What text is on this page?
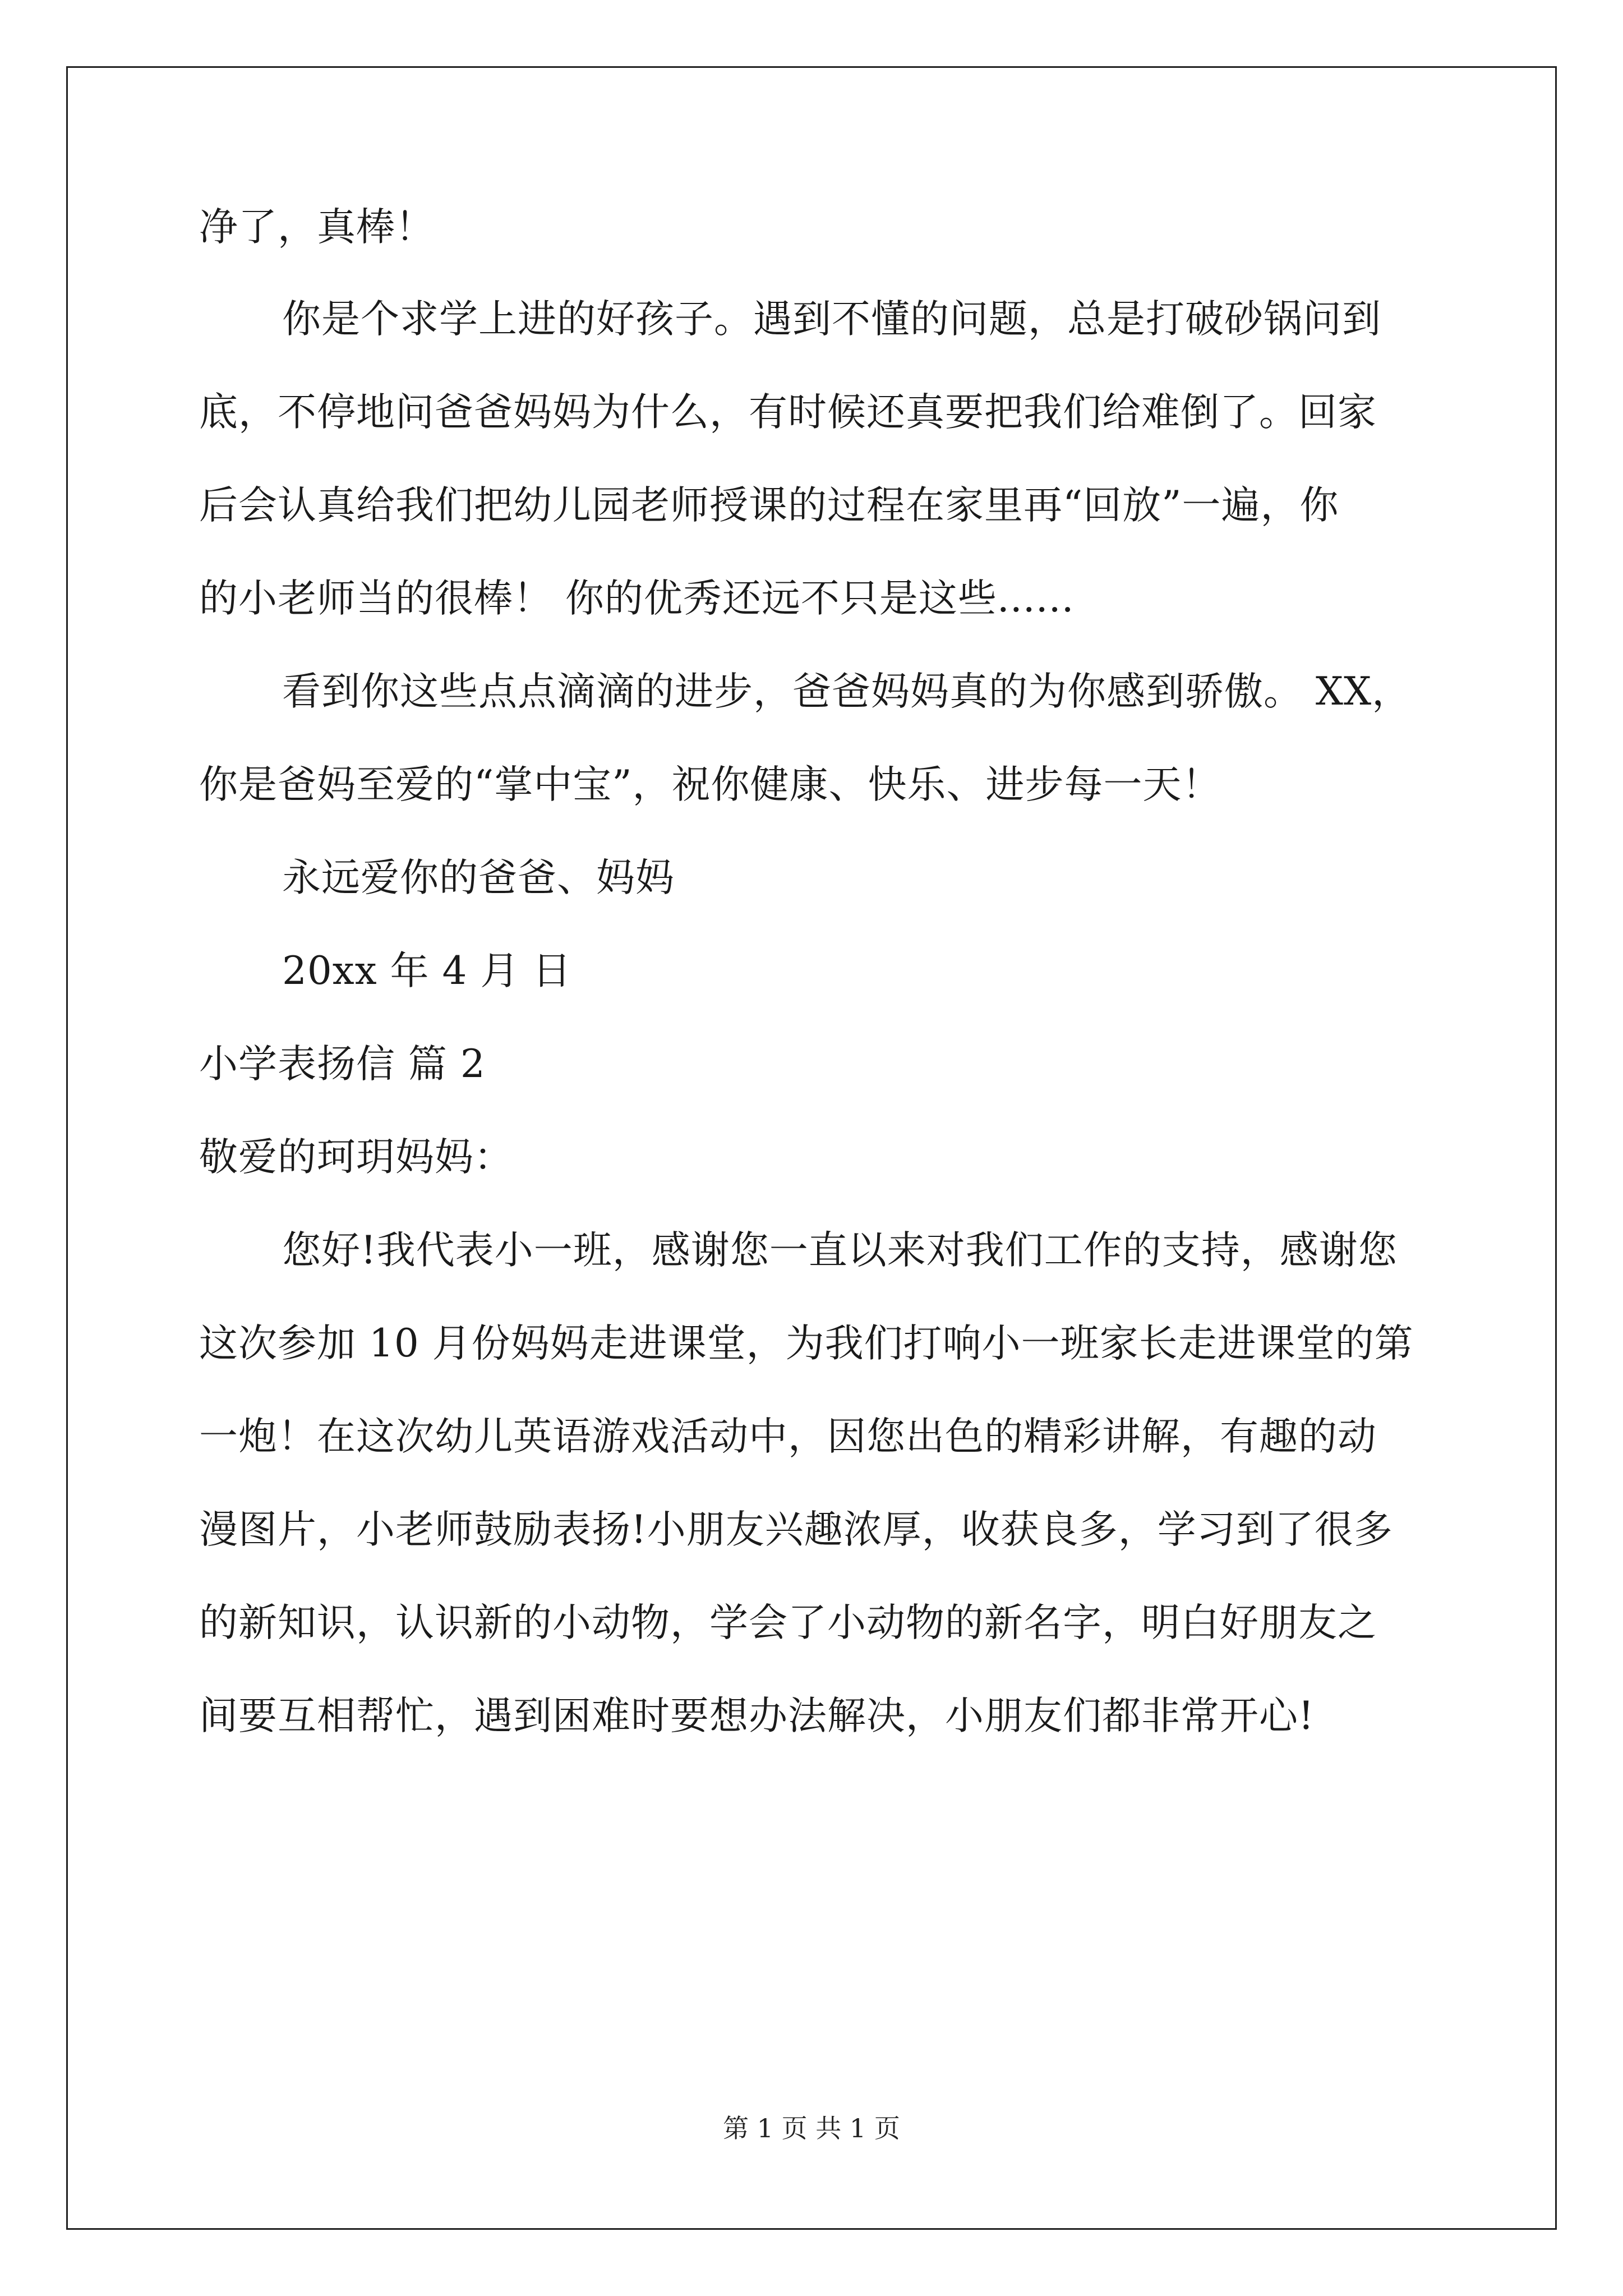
净了，真棒！
你是个求学上进的好孩子。遇到不懂的问题，总是打破砂锅问到
底，不停地问爸爸妈妈为什么，有时候还真要把我们给难倒了。回家
后会认真给我们把幼儿园老师授课的过程在家里再“回放”一遍，你
的小老师当的很棒！ 你的优秀还远不只是这些......
看到你这些点点滴滴的进步，爸爸妈妈真的为你感到骄傲。 XX，
你是爸妈至爱的“掌中宝”，祝你健康、快乐、进步每一天！
永远爱你的爸爸、妈妈
20xx 年 4 月 日
小学表扬信 篇 2
敬爱的珂玥妈妈：
您好!我代表小一班，感谢您一直以来对我们工作的支持，感谢您
这次参加 10 月份妈妈走进课堂，为我们打响小一班家长走进课堂的第
一炮！在这次幼儿英语游戏活动中，因您出色的精彩讲解，有趣的动
漫图片，小老师鼓励表扬!小朋友兴趣浓厚，收获良多，学习到了很多
的新知识，认识新的小动物，学会了小动物的新名字，明白好朋友之
间要互相帮忙，遇到困难时要想办法解决，小朋友们都非常开心!
第 1 页 共 1 页
